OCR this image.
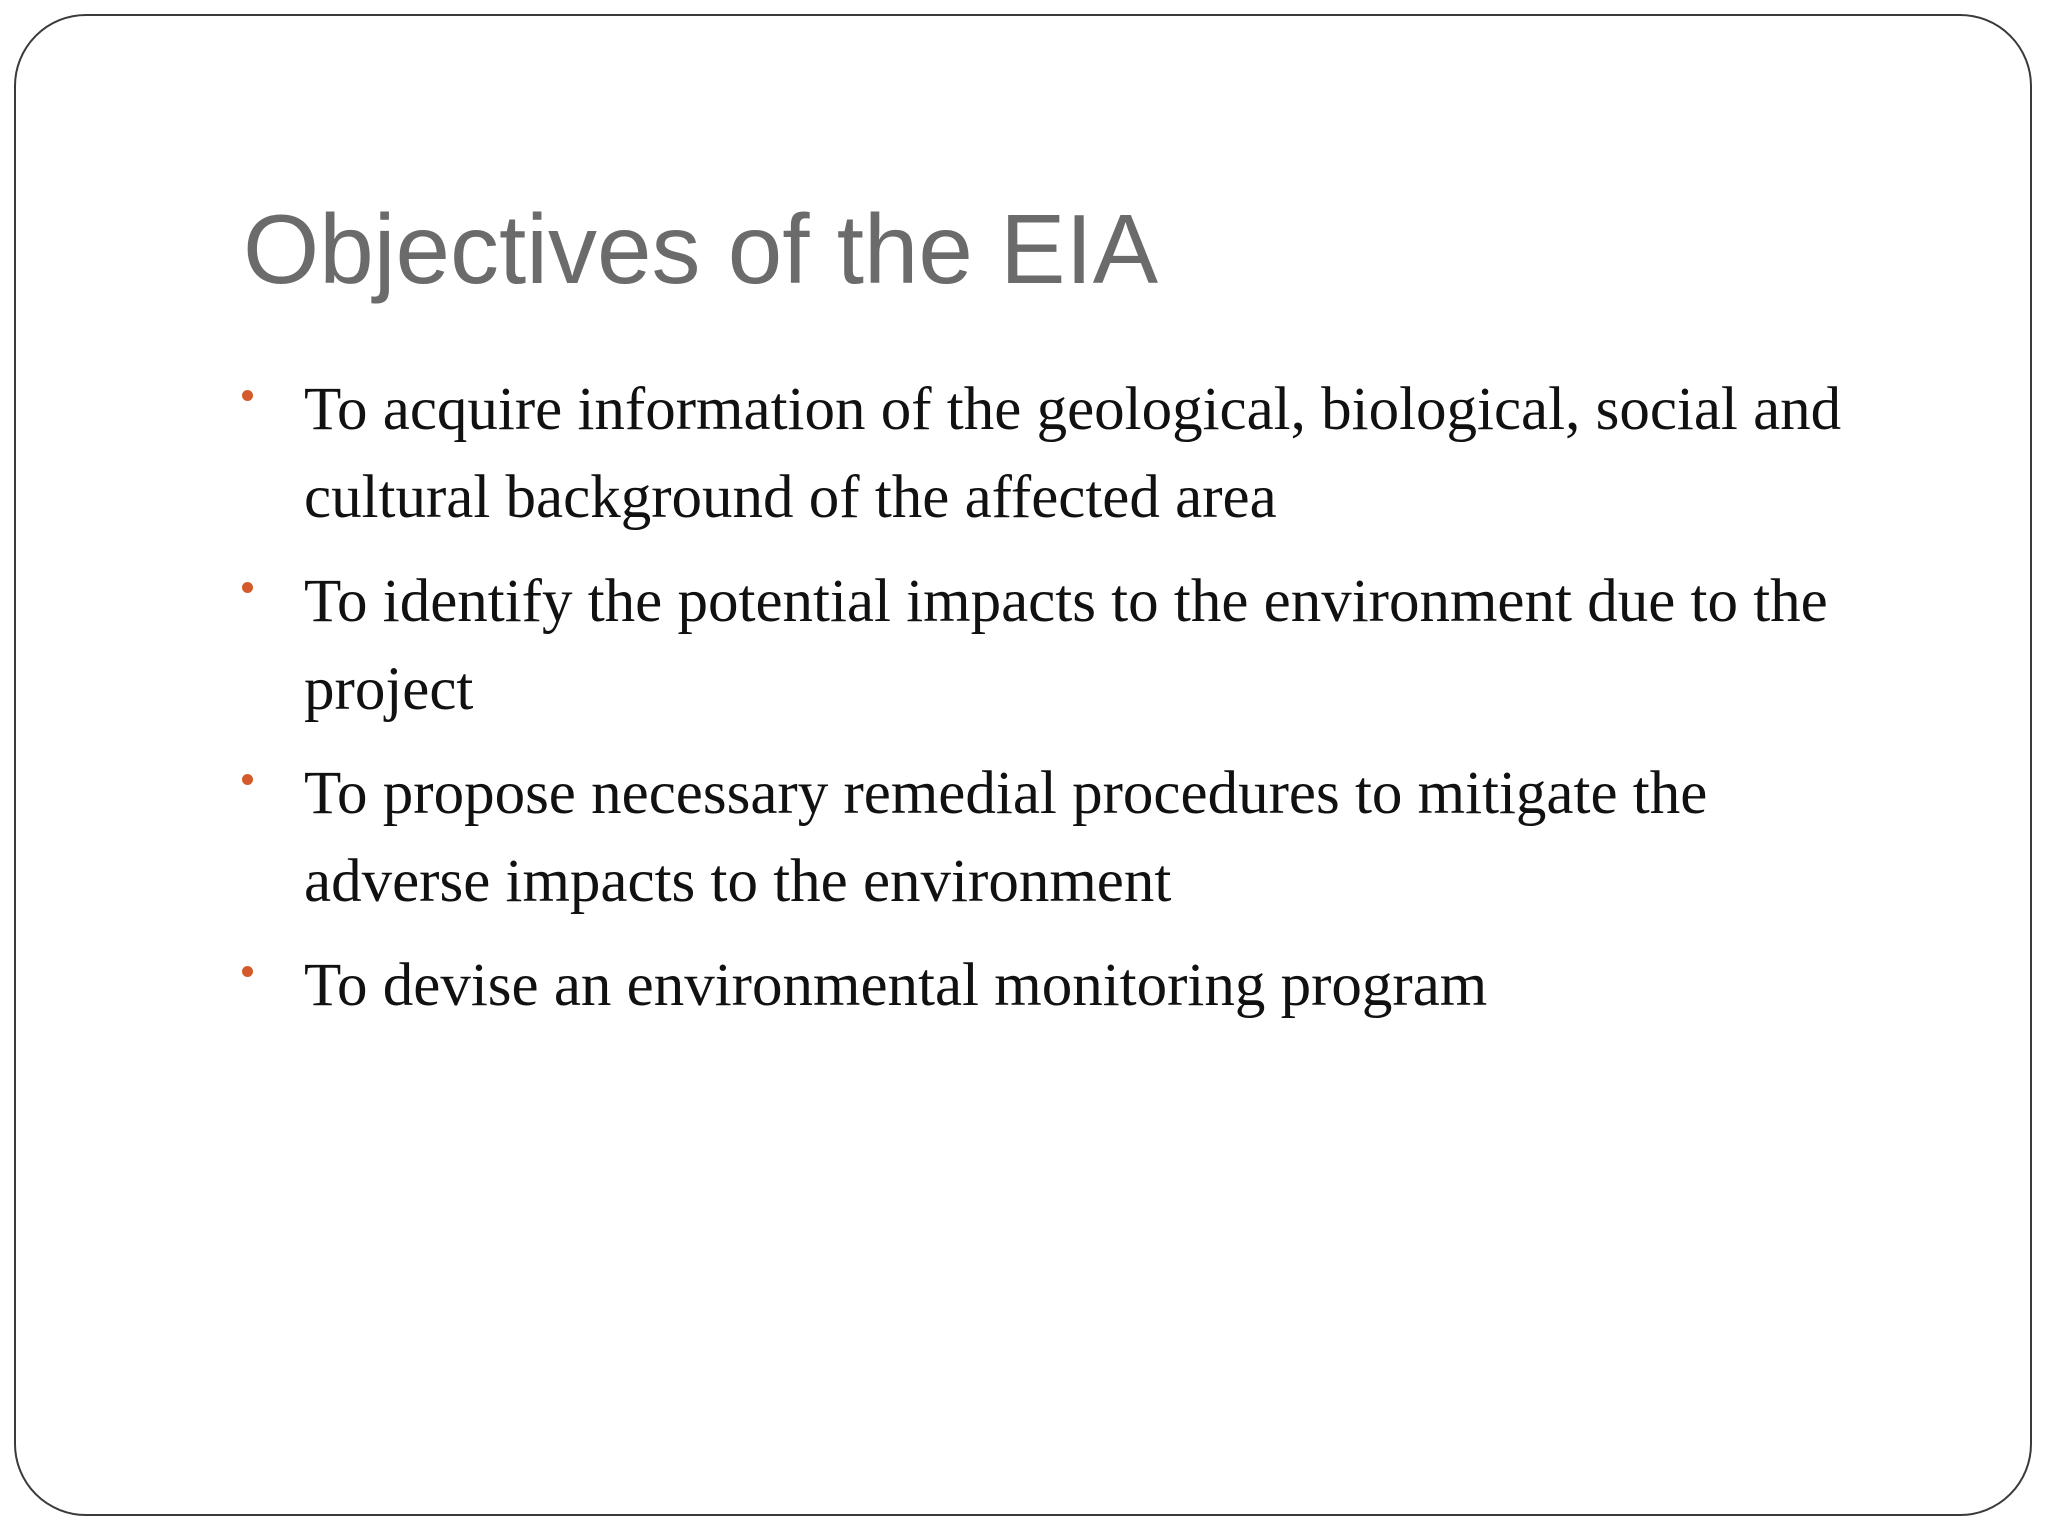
Objectives of the EIA
To acquire information of the geological, biological, social and cultural background of the affected area
To identify the potential impacts to the environment due to the project
To propose necessary remedial procedures to mitigate the adverse impacts to the environment
To devise an environmental monitoring program
